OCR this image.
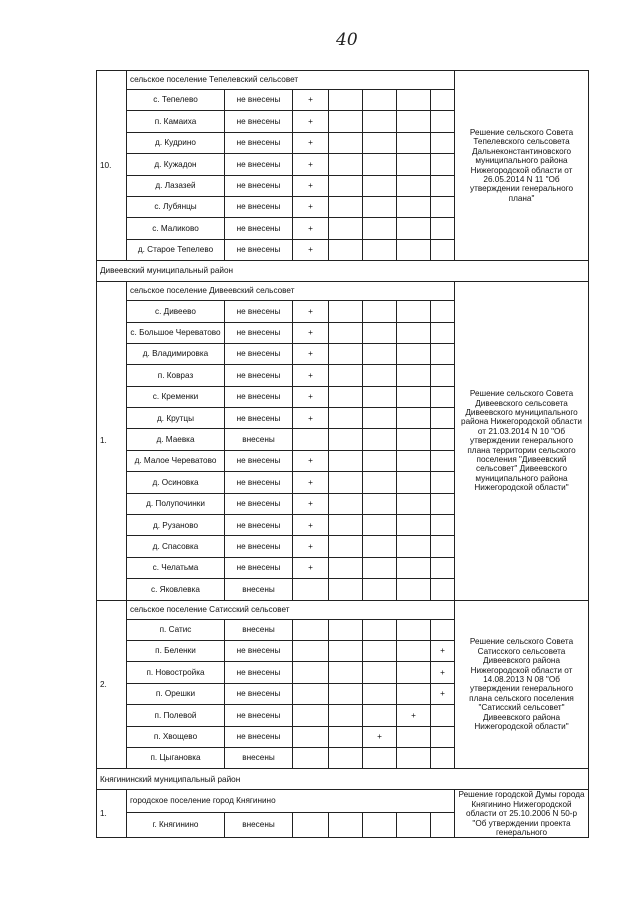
40
10.	сельское поселение Тепелевский сельсовет							Решение сельского Совета Тепелевского сельсовета Дальнеконстантиновского муниципального района Нижегородской области от 26.05.2014 N 11 "Об утверждении генерального плана"
	с. Тепелево	не внесены	+					
	п. Камаиха	не внесены	+					
	д. Кудрино	не внесены	+					
	д. Кужадон	не внесены	+					
	д. Лазазей	не внесены	+					
	с. Лубянцы	не внесены	+					
	с. Маликово	не внесены	+					
	д. Старое Тепелево	не внесены	+					
Дивеевский муниципальный район								
1.	сельское поселение Дивеевский сельсовет							Решение сельского Совета Дивеевского сельсовета Дивеевского муниципального района Нижегородской области от 21.03.2014 N 10 "Об утверждении генерального плана территории сельского поселения "Дивеевский сельсовет" Дивеевского муниципального района Нижегородской области"
	с. Дивеево	не внесены	+					
	с. Большое Череватово	не внесены	+					
	д. Владимировка	не внесены	+					
	п. Ковраз	не внесены	+					
	с. Кременки	не внесены	+					
	д. Крутцы	не внесены	+					
	д. Маевка	внесены						
	д. Малое Череватово	не внесены	+					
	д. Осиновка	не внесены	+					
	д. Полупочинки	не внесены	+					
	д. Рузаново	не внесены	+					
	д. Спасовка	не внесены	+					
	с. Челатьма	не внесены	+					
	с. Яковлевка	внесены						
2.	сельское поселение Сатисский сельсовет							Решение сельского Совета Сатисского сельсовета Дивеевского района Нижегородской области от 14.08.2013 N 08 "Об утверждении генерального плана сельского поселения "Сатисский сельсовет" Дивеевского района Нижегородской области"
	п. Сатис	внесены						
	п. Беленки	не внесены					+	
	п. Новостройка	не внесены					+	
	п. Орешки	не внесены					+	
	п. Полевой	не внесены				+		
	п. Хвощево	не внесены			+			
	п. Цыгановка	внесены						
Княгининский муниципальный район								
1.	городское поселение город Княгинино							Решение городской Думы города Княгинино Нижегородской области от 25.10.2006 N 50-р "Об утверждении проекта генерального
	г. Княгинино	внесены						
